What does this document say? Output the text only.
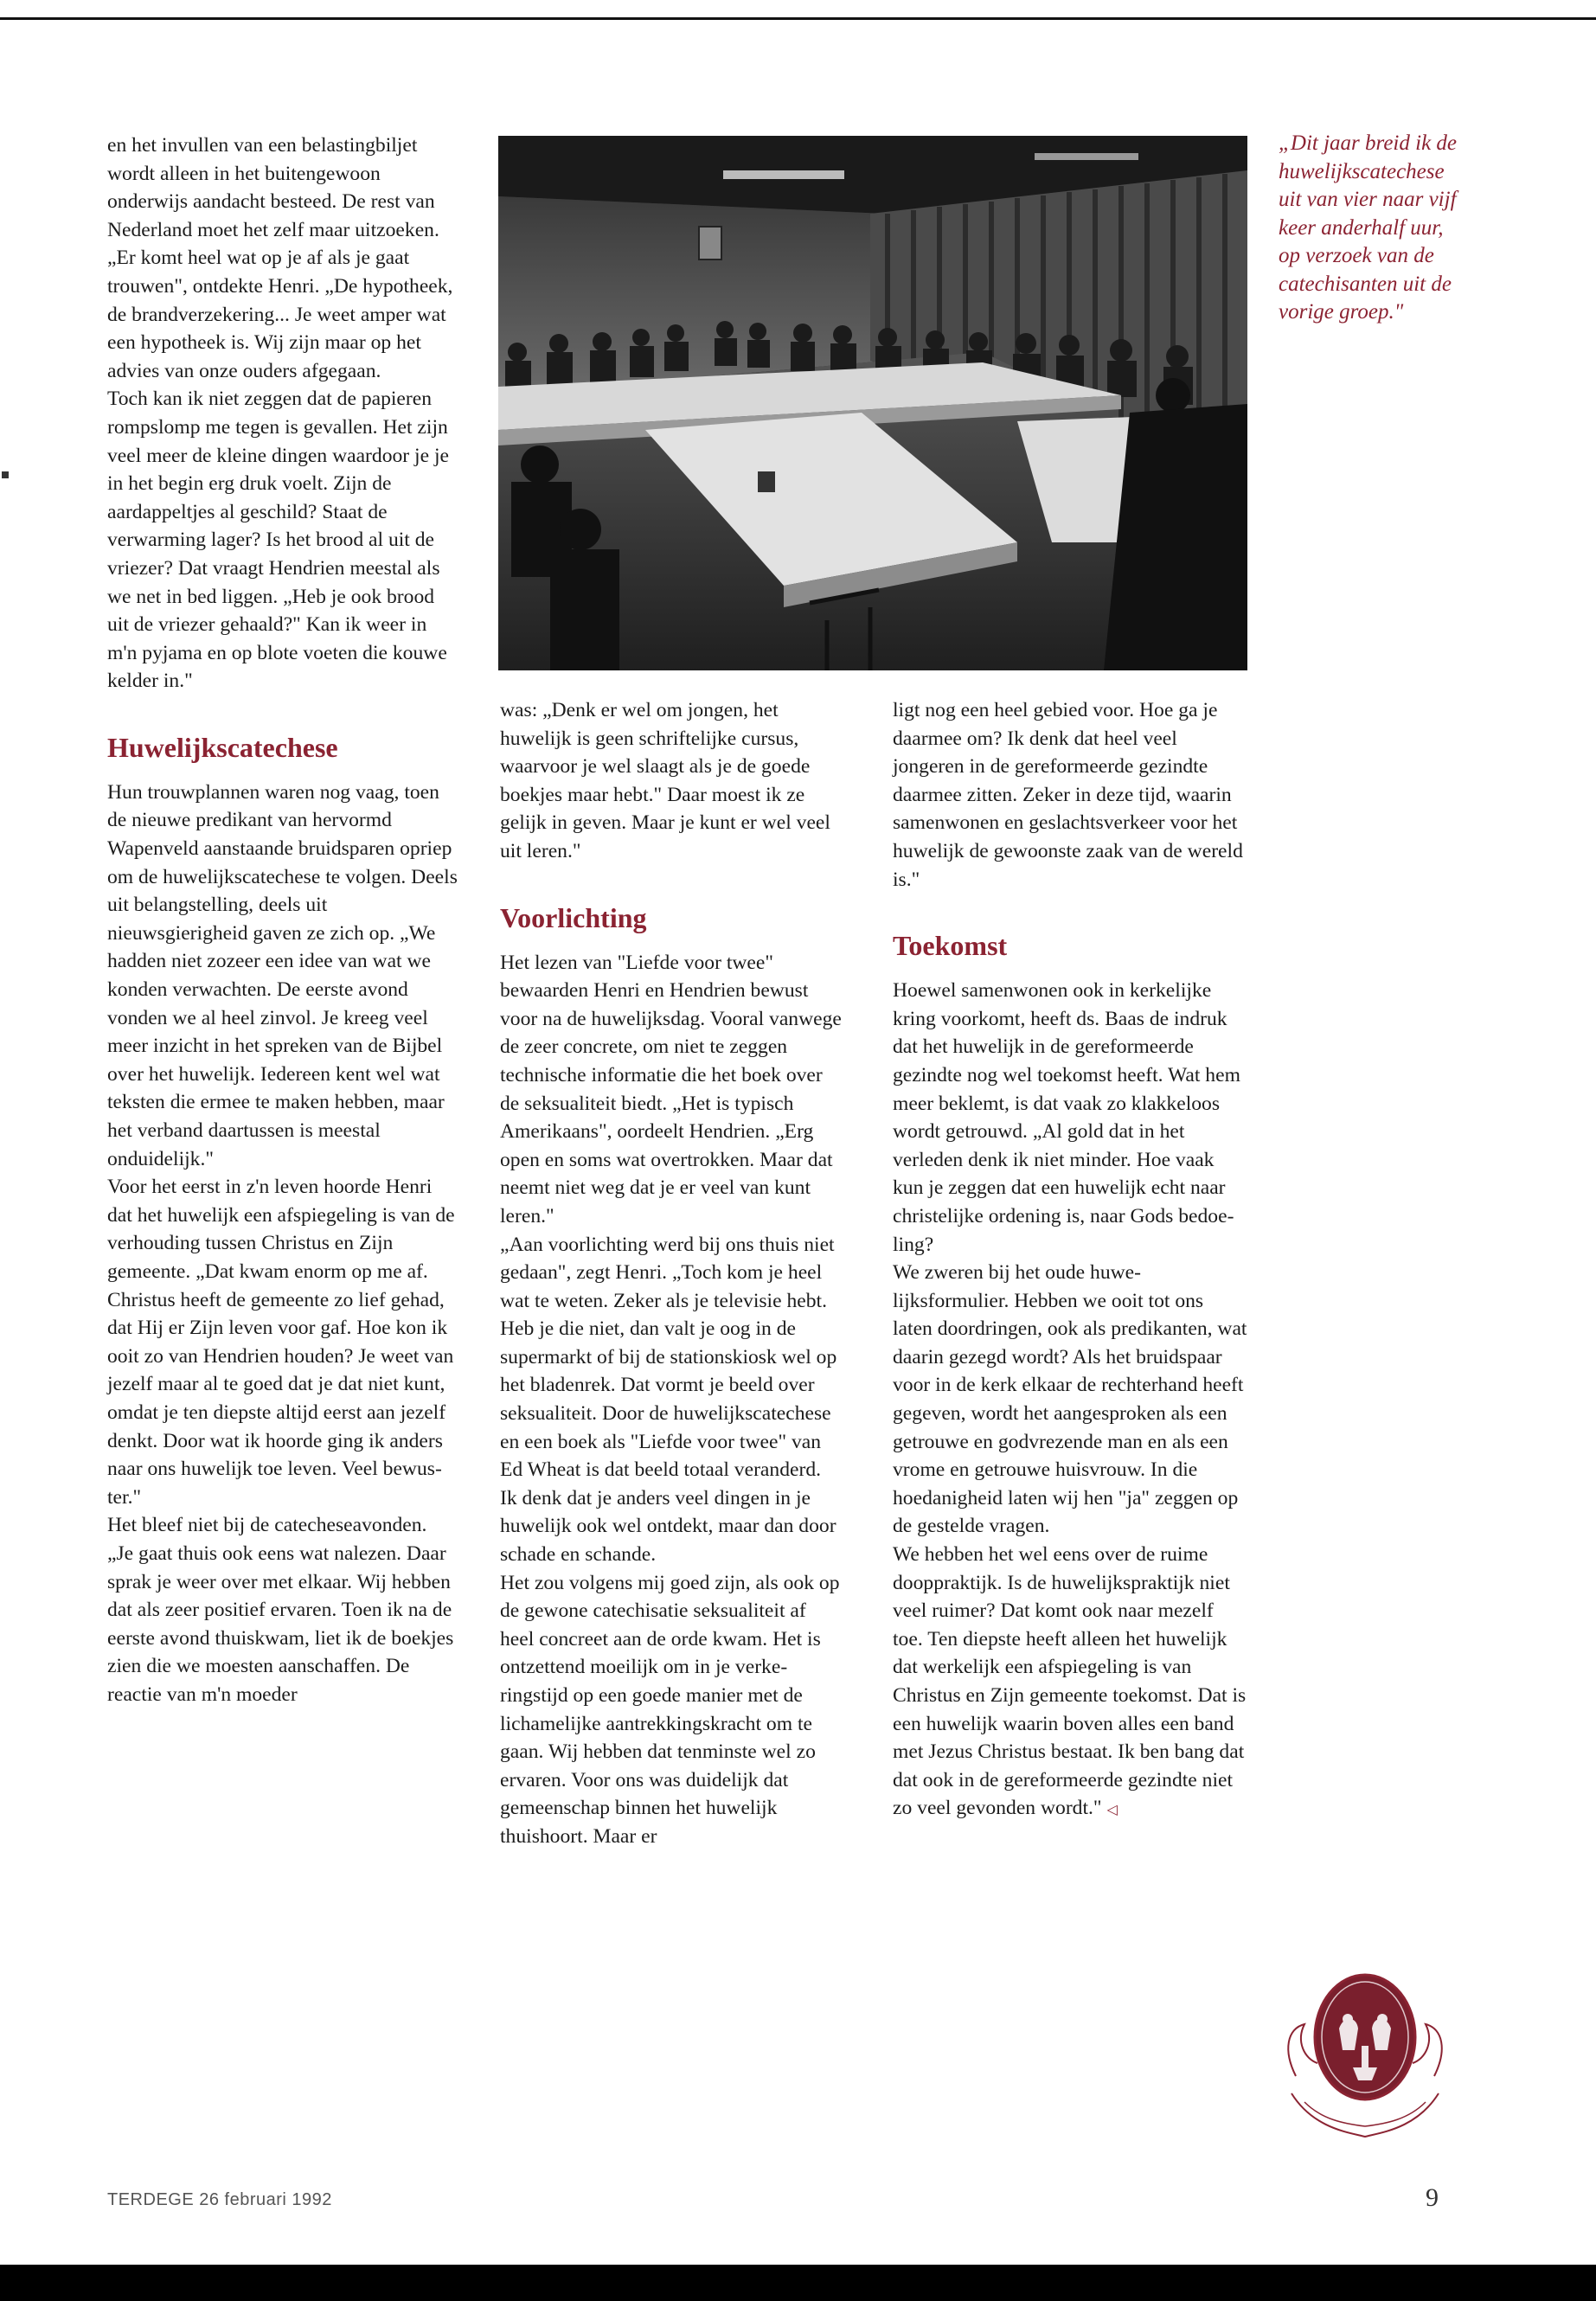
en het invullen van een belastingbiljet wordt alleen in het buitengewoon onderwijs aandacht besteed. De rest van Nederland moet het zelf maar uitzoeken. „Er komt heel wat op je af als je gaat trouwen", ontdekte Henri. „De hypotheek, de brandverzekering... Je weet amper wat een hypotheek is. Wij zijn maar op het advies van onze ouders afgegaan.

Toch kan ik niet zeggen dat de papieren rompslomp me tegen is gevallen. Het zijn veel meer de kleine dingen waardoor je je in het begin erg druk voelt. Zijn de aardappeltjes al geschild? Staat de verwarming lager? Is het brood al uit de vriezer? Dat vraagt Hendrien meestal als we net in bed liggen. „Heb je ook brood uit de vriezer gehaald?" Kan ik weer in m'n pyjama en op blote voeten die kouwe kelder in."

Huwelijkscatechese

Hun trouwplannen waren nog vaag, toen de nieuwe predikant van hervormd Wapenveld aanstaande bruidsparen opriep om de huwelijkscatechese te volgen. Deels uit belangstelling, deels uit nieuwsgierigheid gaven ze zich op. „We hadden niet zozeer een idee van wat we konden verwachten. De eerste avond vonden we al heel zinvol. Je kreeg veel meer inzicht in het spreken van de Bijbel over het huwelijk. Iedereen kent wel wat teksten die ermee te maken hebben, maar het verband daartussen is meestal onduidelijk."

Voor het eerst in z'n leven hoorde Henri dat het huwelijk een afspiegeling is van de verhouding tussen Christus en Zijn gemeente. „Dat kwam enorm op me af. Christus heeft de gemeente zo lief gehad, dat Hij er Zijn leven voor gaf. Hoe kon ik ooit zo van Hendrien houden? Je weet van jezelf maar al te goed dat je dat niet kunt, omdat je ten diepste altijd eerst aan jezelf denkt. Door wat ik hoorde ging ik anders naar ons huwelijk toe leven. Veel bewuster."

Het bleef niet bij de catecheseavonden. „Je gaat thuis ook eens wat nalezen. Daar sprak je weer over met elkaar. Wij hebben dat als zeer positief ervaren. Toen ik na de eerste avond thuiskwam, liet ik de boekjes zien die we moesten aanschaffen. De reactie van m'n moeder

was: „Denk er wel om jongen, het huwelijk is geen schriftelijke cursus, waarvoor je wel slaagt als je de goede boekjes maar hebt." Daar moest ik ze gelijk in geven. Maar je kunt er wel veel uit leren."

Voorlichting

Het lezen van "Liefde voor twee" bewaarden Henri en Hendrien bewust voor na de huwelijksdag. Vooral vanwege de zeer concrete, om niet te zeggen technische informatie die het boek over de seksualiteit biedt. „Het is typisch Amerikaans", oordeelt Hendrien. „Erg open en soms wat overtrokken. Maar dat neemt niet weg dat je er veel van kunt leren."

„Aan voorlichting werd bij ons thuis niet gedaan", zegt Henri. „Toch kom je heel wat te weten. Zeker als je televisie hebt. Heb je die niet, dan valt je oog in de supermarkt of bij de stationskiosk wel op het bladenrek. Dat vormt je beeld over seksualiteit. Door de huwelijkscatechese en een boek als "Liefde voor twee" van Ed Wheat is dat beeld totaal veranderd. Ik denk dat je anders veel dingen in je huwelijk ook wel ontdekt, maar dan door schade en schande.

Het zou volgens mij goed zijn, als ook op de gewone catechisatie seksualiteit af heel concreet aan de orde kwam. Het is ontzettend moeilijk om in je verkeringstijd op een goede manier met de lichamelijke aantrekkingskracht om te gaan. Wij hebben dat tenminste wel zo ervaren. Voor ons was duidelijk dat gemeenschap binnen het huwelijk thuishoort. Maar er

ligt nog een heel gebied voor. Hoe ga je daarmee om? Ik denk dat heel veel jongeren in de gereformeerde gezindte daarmee zitten. Zeker in deze tijd, waarin samenwonen en geslachtsverkeer voor het huwelijk de gewoonste zaak van de wereld is."

Toekomst

Hoewel samenwonen ook in kerkelijke kring voorkomt, heeft ds. Baas de indruk dat het huwelijk in de gereformeerde gezindte nog wel toekomst heeft. Wat hem meer beklemt, is dat vaak zo klakkeloos wordt getrouwd. „Al gold dat in het verleden denk ik niet minder. Hoe vaak kun je zeggen dat een huwelijk echt naar christelijke ordening is, naar Gods bedoeling?

We zweren bij het oude huwelijksformulier. Hebben we ooit tot ons laten doordringen, ook als predikanten, wat daarin gezegd wordt? Als het bruidspaar voor in de kerk elkaar de rechterhand heeft gegeven, wordt het aangesproken als een getrouwe en godvrezende man en als een vrome en getrouwe huisvrouw. In die hoedanigheid laten wij hen "ja" zeggen op de gestelde vragen.

We hebben het wel eens over de ruime dooppraktijk. Is de huwelijkspraktijk niet veel ruimer? Dat komt ook naar mezelf toe. Ten diepste heeft alleen het huwelijk dat werkelijk een afspiegeling is van Christus en Zijn gemeente toekomst. Dat is een huwelijk waarin boven alles een band met Jezus Christus bestaat. Ik ben bang dat dat ook in de gereformeerde gezindte niet zo veel gevonden wordt." ◁

„Dit jaar breid ik de huwelijkscatechese uit van vier naar vijf keer anderhalf uur, op verzoek van de catechisanten uit de vorige groep."
TERDEGE 26 februari 1992	9
